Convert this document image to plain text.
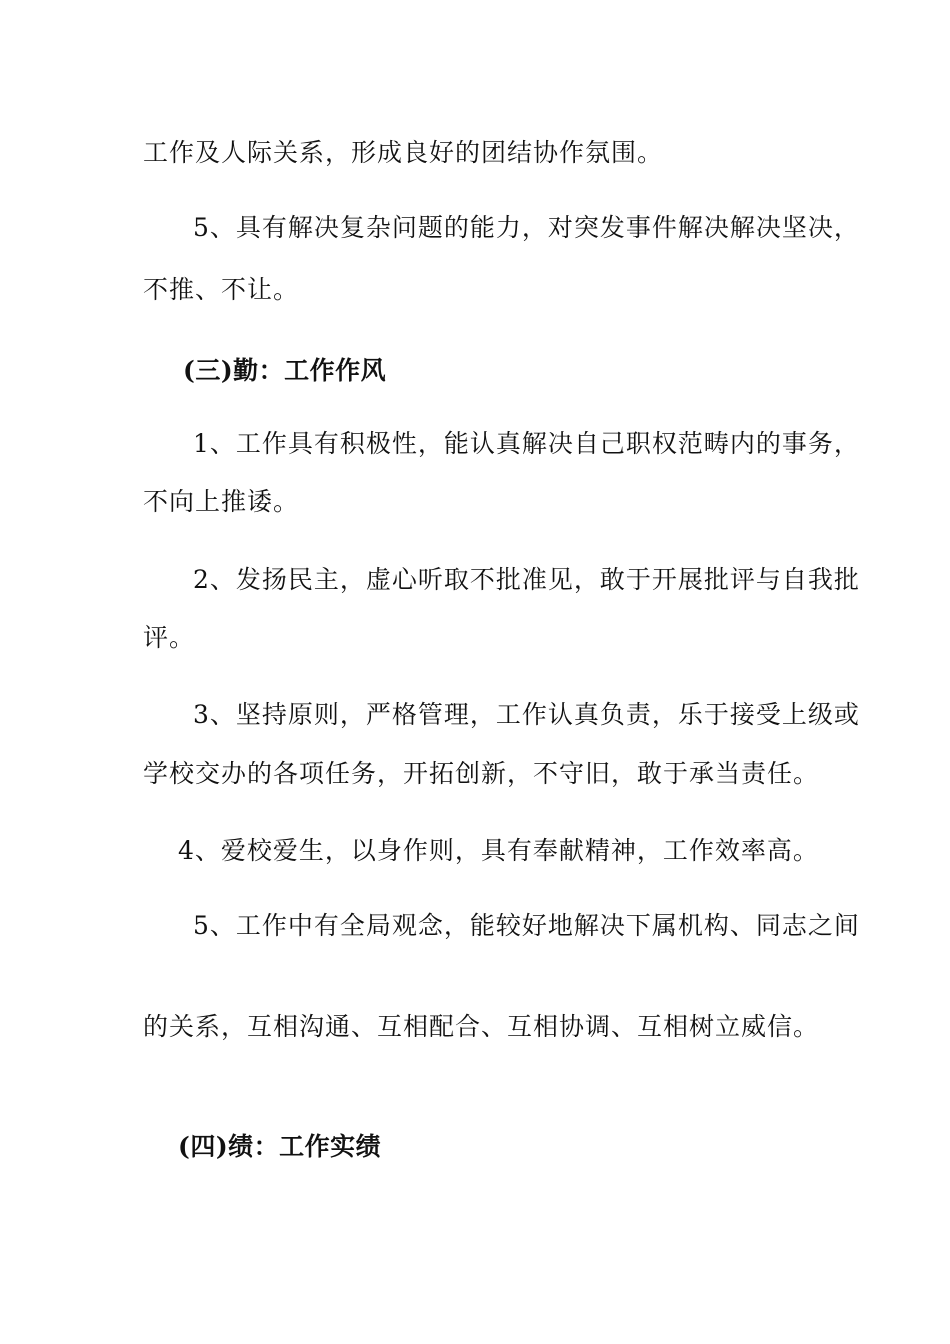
工作及人际关系，形成良好的团结协作氛围。
5、具有解决复杂问题的能力，对突发事件解决解决坚决，
不推、不让。
(三)勤：工作作风
1、工作具有积极性，能认真解决自己职权范畴内的事务，
不向上推诿。
2、发扬民主，虚心听取不批准见，敢于开展批评与自我批
评。
3、坚持原则，严格管理，工作认真负责，乐于接受上级或
学校交办的各项任务，开拓创新，不守旧，敢于承当责任。
4、爱校爱生，以身作则，具有奉献精神，工作效率高。
5、工作中有全局观念，能较好地解决下属机构、同志之间
的关系，互相沟通、互相配合、互相协调、互相树立威信。
(四)绩：工作实绩
